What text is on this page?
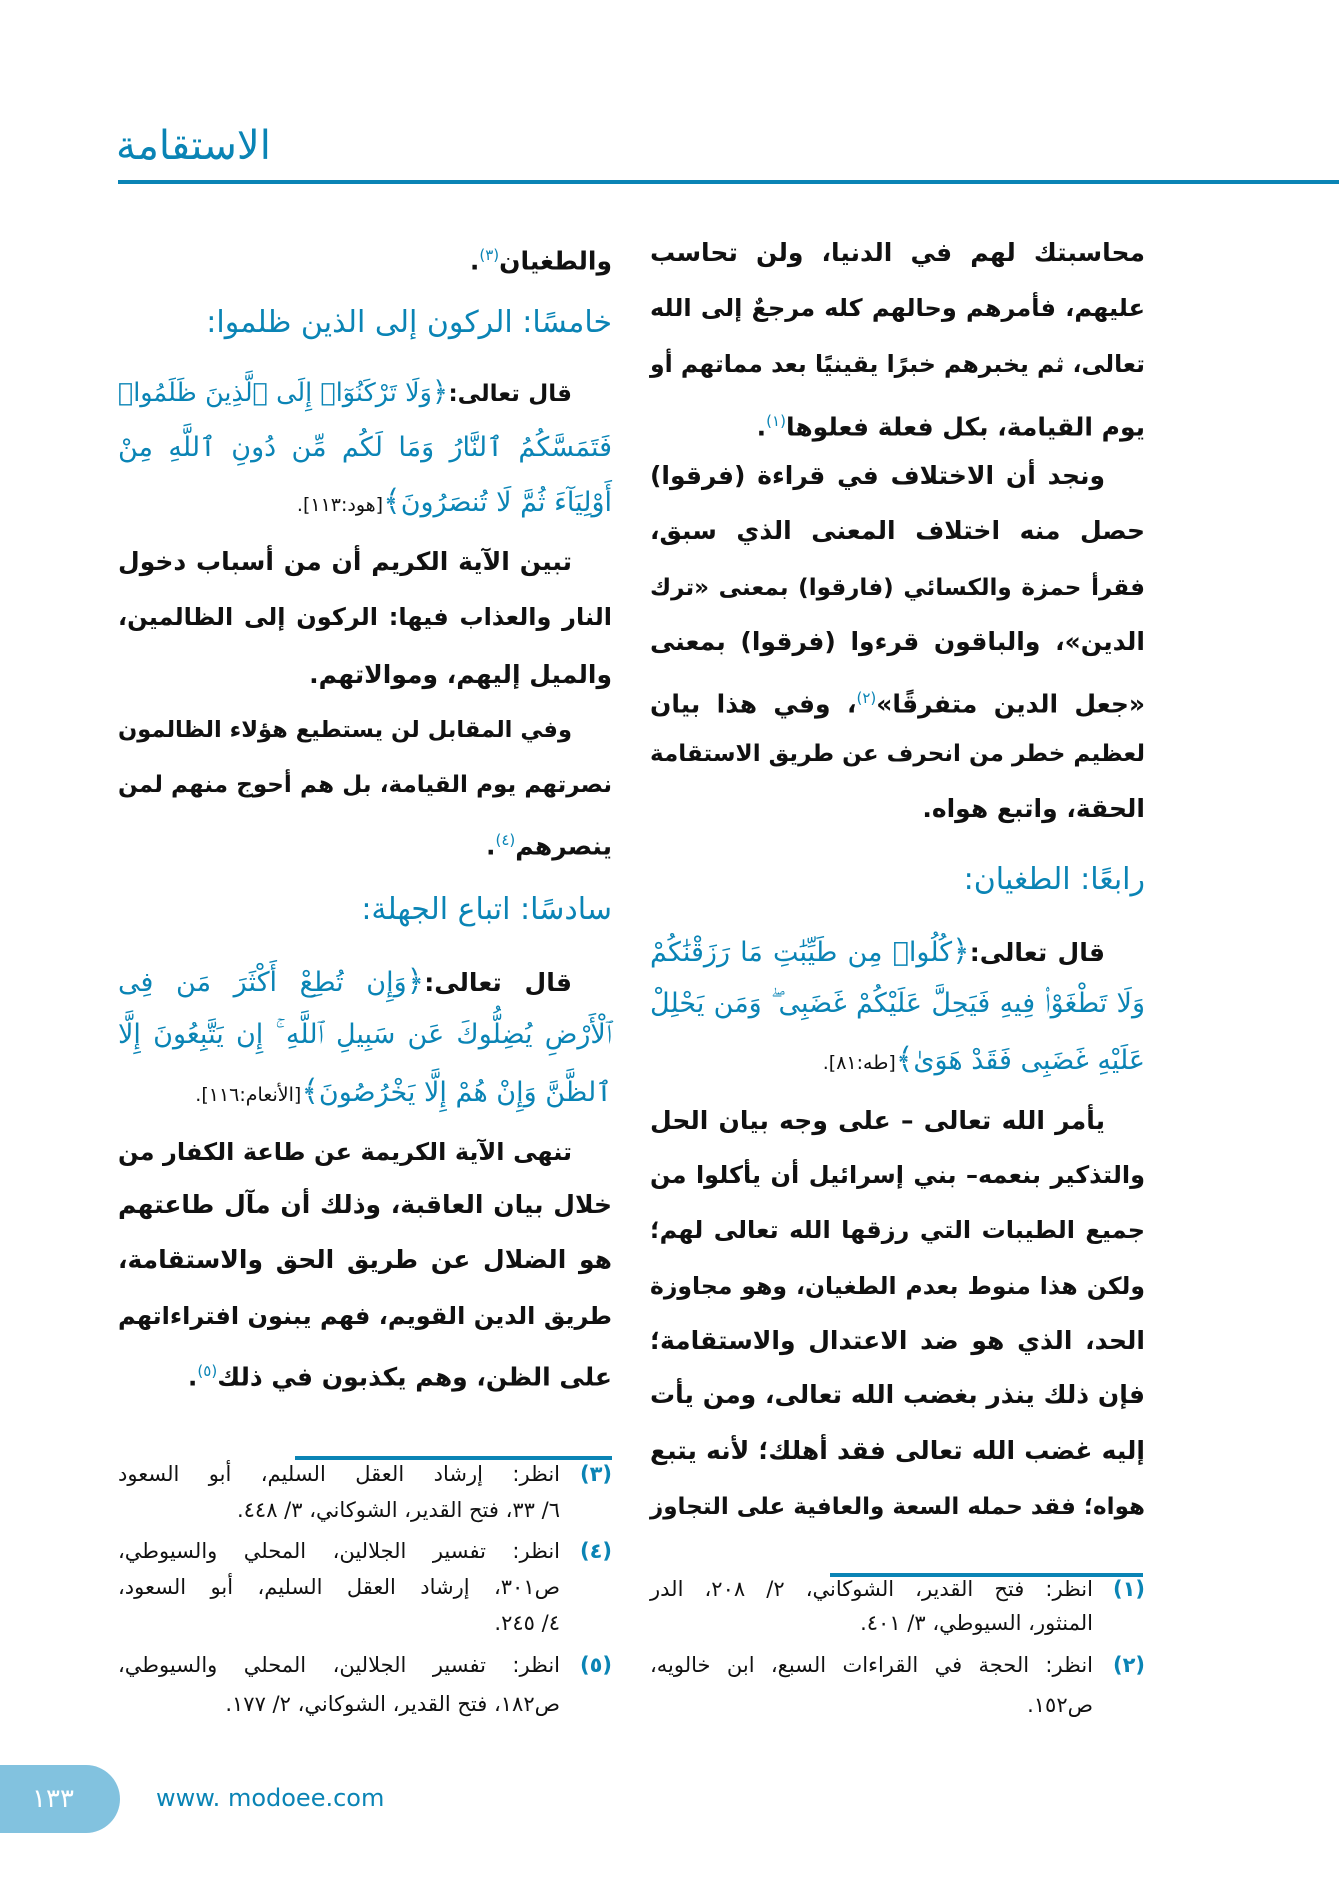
الاستقامة
محاسبتك لهم في الدنيا، ولن تحاسب
عليهم، فأمرهم وحالهم كله مرجعٌ إلى الله
تعالى، ثم يخبرهم خبرًا يقينيًا بعد مماتهم أو
يوم القيامة، بكل فعلة فعلوها$^{(١)}$.
ونجد أن الاختلاف في قراءة (فرقوا)
حصل منه اختلاف المعنى الذي سبق،
فقرأ حمزة والكسائي (فارقوا) بمعنى «ترك
الدين»، والباقون قرءوا (فرقوا) بمعنى
«جعل الدين متفرقًا»$^{(٢)}$، وفي هذا بيان
لعظيم خطر من انحرف عن طريق الاستقامة
الحقة، واتبع هواه.
رابعًا: الطغيان:
قال تعالى:﴿كُلُوا۟ مِن طَيِّبَٰتِ مَا رَزَقْنَٰكُمْ
وَلَا تَطْغَوْا۟ فِيهِ فَيَحِلَّ عَلَيْكُمْ غَضَبِى ۖ وَمَن يَحْلِلْ
عَلَيْهِ غَضَبِى فَقَدْ هَوَىٰ﴾[طه:٨١].
يأمر الله تعالى – على وجه بيان الحل
والتذكير بنعمه– بني إسرائيل أن يأكلوا من
جميع الطيبات التي رزقها الله تعالى لهم؛
ولكن هذا منوط بعدم الطغيان، وهو مجاوزة
الحد، الذي هو ضد الاعتدال والاستقامة؛
فإن ذلك ينذر بغضب الله تعالى، ومن يأت
إليه غضب الله تعالى فقد أهلك؛ لأنه يتبع
هواه؛ فقد حمله السعة والعافية على التجاوز
(١)
انظر: فتح القدير، الشوكاني، ٢/ ٢٠٨، الدر
المنثور، السيوطي، ٣/ ٤٠١.
(٢)
انظر: الحجة في القراءات السبع، ابن خالويه،
ص١٥٢.
والطغيان$^{(٣)}$.
خامسًا: الركون إلى الذين ظلموا:
قال تعالى:﴿وَلَا تَرْكَنُوٓا۟ إِلَى ٱلَّذِينَ ظَلَمُوا۟
فَتَمَسَّكُمُ ٱلنَّارُ وَمَا لَكُم مِّن دُونِ ٱللَّهِ مِنْ
أَوْلِيَآءَ ثُمَّ لَا تُنصَرُونَ﴾[هود:١١٣].
تبين الآية الكريم أن من أسباب دخول
النار والعذاب فيها: الركون إلى الظالمين،
والميل إليهم، وموالاتهم.
وفي المقابل لن يستطيع هؤلاء الظالمون
نصرتهم يوم القيامة، بل هم أحوج منهم لمن
ينصرهم$^{(٤)}$.
سادسًا: اتباع الجهلة:
قال تعالى:﴿وَإِن تُطِعْ أَكْثَرَ مَن فِى
ٱلْأَرْضِ يُضِلُّوكَ عَن سَبِيلِ ٱللَّهِ ۚ إِن يَتَّبِعُونَ إِلَّا
ٱلظَّنَّ وَإِنْ هُمْ إِلَّا يَخْرُصُونَ﴾[الأنعام:١١٦].
تنهى الآية الكريمة عن طاعة الكفار من
خلال بيان العاقبة، وذلك أن مآل طاعتهم
هو الضلال عن طريق الحق والاستقامة،
طريق الدين القويم، فهم يبنون افتراءاتهم
على الظن، وهم يكذبون في ذلك$^{(٥)}$.
(٣)
انظر: إرشاد العقل السليم، أبو السعود
٦/ ٣٣، فتح القدير، الشوكاني، ٣/ ٤٤٨.
(٤)
انظر: تفسير الجلالين، المحلي والسيوطي،
ص٣٠١، إرشاد العقل السليم، أبو السعود،
٤/ ٢٤٥.
(٥)
انظر: تفسير الجلالين، المحلي والسيوطي،
ص١٨٢، فتح القدير، الشوكاني، ٢/ ١٧٧.
١٣٣	www. modoee.com
